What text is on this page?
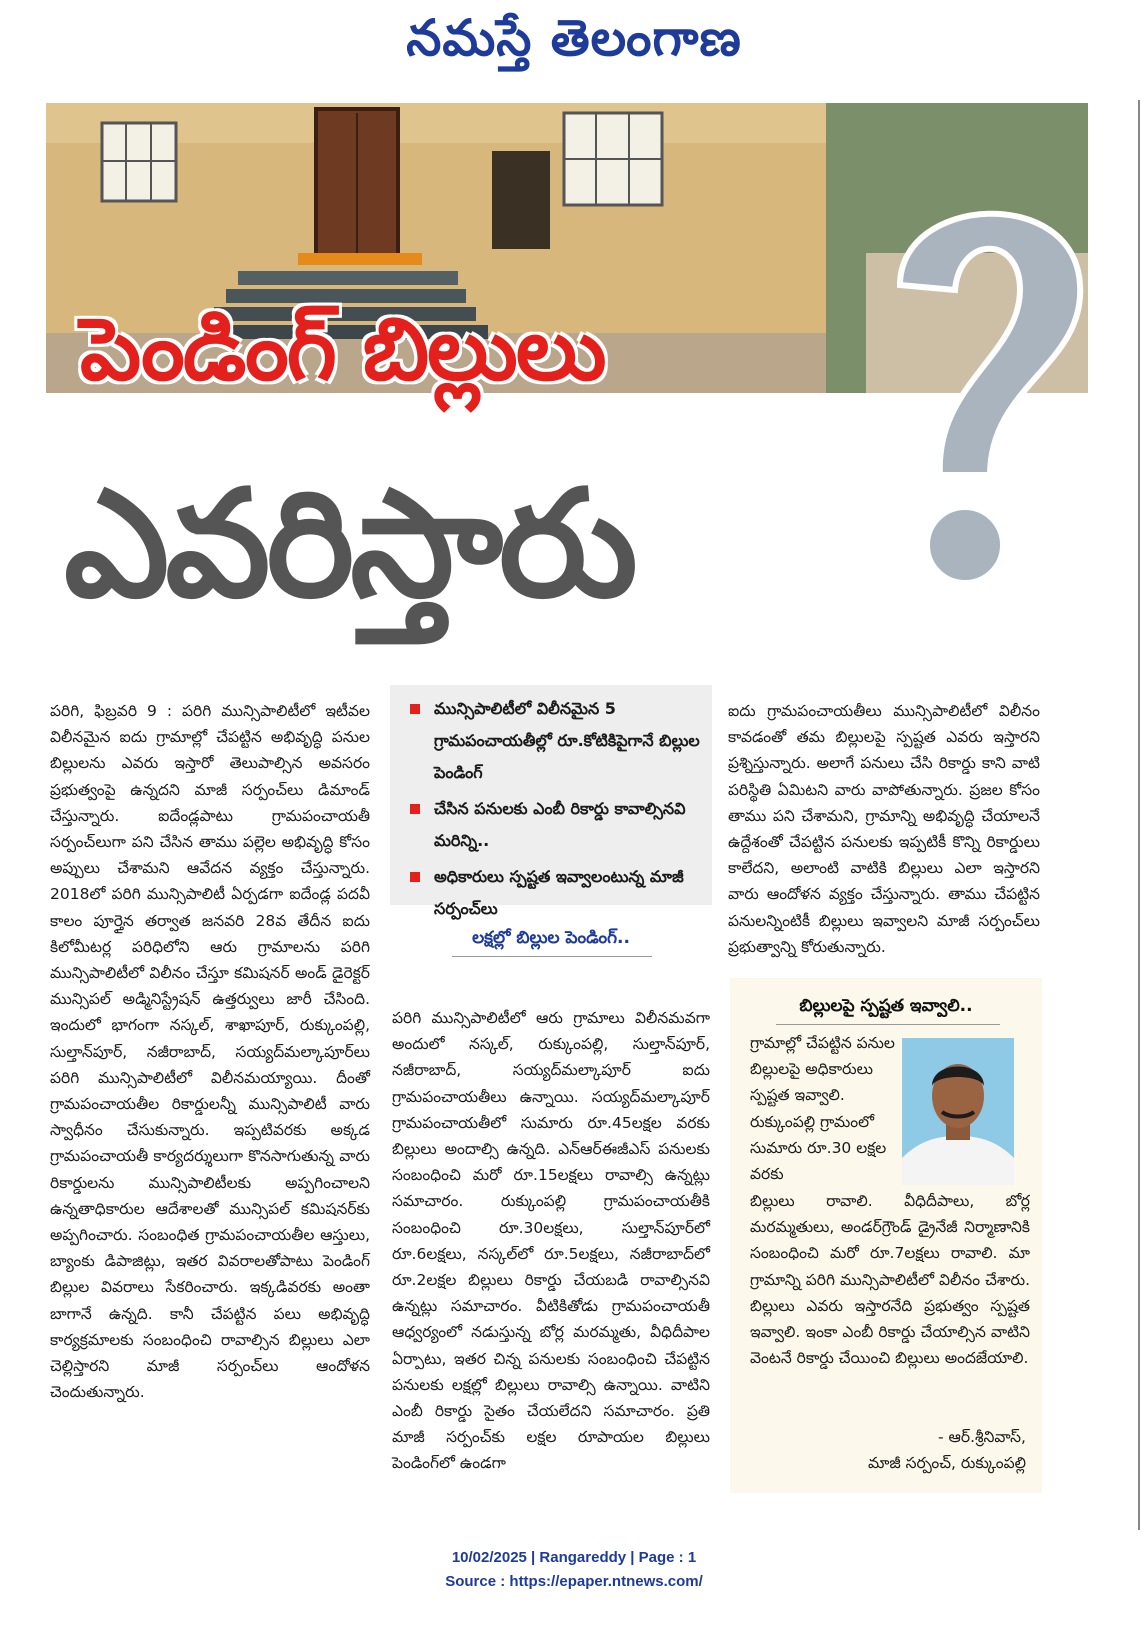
నమస్తే తెలంగాణ
పెండింగ్ బిల్లులు
ఎవరిస్తారు
పరిగి, ఫిబ్రవరి 9 : పరిగి మున్సిపాలిటీలో ఇటీవల విలీనమైన ఐదు గ్రామాల్లో చేపట్టిన అభివృద్ధి పనుల బిల్లులను ఎవరు ఇస్తారో తెలుపాల్సిన అవసరం ప్రభుత్వంపై ఉన్నదని మాజీ సర్పంచ్‌లు డిమాండ్ చేస్తున్నారు. ఐదేండ్లపాటు గ్రామపంచాయతీ సర్పంచ్‌లుగా పని చేసిన తాము పల్లెల అభివృద్ధి కోసం అప్పులు చేశామని ఆవేదన వ్యక్తం చేస్తున్నారు. 2018లో పరిగి మున్సిపాలిటీ ఏర్పడగా ఐదేండ్ల పదవీ కాలం పూర్తైన తర్వాత జనవరి 28వ తేదీన ఐదు కిలోమీటర్ల పరిధిలోని ఆరు గ్రామాలను పరిగి మున్సిపాలిటీలో విలీనం చేస్తూ కమిషనర్ అండ్ డైరెక్టర్ మున్సిపల్ అడ్మినిస్ట్రేషన్ ఉత్తర్వులు జారీ చేసింది. ఇందులో భాగంగా నస్కల్, శాఖాపూర్, రుక్కుంపల్లి, సుల్తాన్‌పూర్, నజీరాబాద్, సయ్యద్‌మల్కాపూర్‌లు పరిగి మున్సిపాలిటీలో విలీనమయ్యాయి. దీంతో గ్రామపంచాయతీల రికార్డులన్నీ మున్సిపాలిటీ వారు స్వాధీనం చేసుకున్నారు. ఇప్పటివరకు అక్కడ గ్రామపంచాయతీ కార్యదర్శులుగా కొనసాగుతున్న వారు రికార్డులను మున్సిపాలిటీలకు అప్పగించాలని ఉన్నతాధికారుల ఆదేశాలతో మున్సిపల్ కమిషనర్‌కు అప్పగించారు. సంబంధిత గ్రామపంచాయతీల ఆస్తులు, బ్యాంకు డిపాజిట్లు, ఇతర వివరాలతోపాటు పెండింగ్ బిల్లుల వివరాలు సేకరించారు. ఇక్కడివరకు అంతా బాగానే ఉన్నది. కానీ చేపట్టిన పలు అభివృద్ధి కార్యక్రమాలకు సంబంధించి రావాల్సిన బిల్లులు ఎలా చెల్లిస్తారని మాజీ సర్పంచ్‌లు ఆందోళన చెందుతున్నారు.
మున్సిపాలిటీలో విలీనమైన 5 గ్రామపంచాయతీల్లో రూ.కోటికిపైగానే బిల్లుల పెండింగ్
చేసిన పనులకు ఎంబీ రికార్డు కావాల్సినవి మరిన్ని..
అధికారులు స్పష్టత ఇవ్వాలంటున్న మాజీ సర్పంచ్‌లు
లక్షల్లో బిల్లుల పెండింగ్..
పరిగి మున్సిపాలిటీలో ఆరు గ్రామాలు విలీనమవగా అందులో నస్కల్, రుక్కుంపల్లి, సుల్తాన్‌పూర్, నజీరాబాద్, సయ్యద్‌మల్కాపూర్ ఐదు గ్రామపంచాయతీలు ఉన్నాయి. సయ్యద్‌మల్కాపూర్ గ్రామపంచాయతీలో సుమారు రూ.45లక్షల వరకు బిల్లులు అందాల్సి ఉన్నది. ఎన్ఆర్ఈజీఎస్ పనులకు సంబంధించి మరో రూ.15లక్షలు రావాల్సి ఉన్నట్లు సమాచారం. రుక్కుంపల్లి గ్రామపంచాయతీకి సంబంధించి రూ.30లక్షలు, సుల్తాన్‌పూర్‌లో రూ.6లక్షలు, నస్కల్‌లో రూ.5లక్షలు, నజీరాబాద్‌లో రూ.2లక్షల బిల్లులు రికార్డు చేయబడి రావాల్సినవి ఉన్నట్లు సమాచారం. వీటికితోడు గ్రామపంచాయతీ ఆధ్వర్యంలో నడుస్తున్న బోర్ల మరమ్మతు, వీధిదీపాల ఏర్పాటు, ఇతర చిన్న పనులకు సంబంధించి చేపట్టిన పనులకు లక్షల్లో బిల్లులు రావాల్సి ఉన్నాయి. వాటిని ఎంబీ రికార్డు సైతం చేయలేదని సమాచారం. ప్రతి మాజీ సర్పంచ్‌కు లక్షల రూపాయల బిల్లులు పెండింగ్‌లో ఉండగా
ఐదు గ్రామపంచాయతీలు మున్సిపాలిటీలో విలీనం కావడంతో తమ బిల్లులపై స్పష్టత ఎవరు ఇస్తారని ప్రశ్నిస్తున్నారు. అలాగే పనులు చేసి రికార్డు కాని వాటి పరిస్థితి ఏమిటని వారు వాపోతున్నారు. ప్రజల కోసం తాము పని చేశామని, గ్రామాన్ని అభివృద్ధి చేయాలనే ఉద్దేశంతో చేపట్టిన పనులకు ఇప్పటికీ కొన్ని రికార్డులు కాలేదని, అలాంటి వాటికి బిల్లులు ఎలా ఇస్తారని వారు ఆందోళన వ్యక్తం చేస్తున్నారు. తాము చేపట్టిన పనులన్నింటికీ బిల్లులు ఇవ్వాలని మాజీ సర్పంచ్‌లు ప్రభుత్వాన్ని కోరుతున్నారు.
బిల్లులపై స్పష్టత ఇవ్వాలి..
గ్రామాల్లో చేపట్టిన పనుల బిల్లులపై అధికారులు స్పష్టత ఇవ్వాలి. రుక్కుంపల్లి గ్రామంలో సుమారు రూ.30 లక్షల వరకు
బిల్లులు రావాలి. వీధిదీపాలు, బోర్ల మరమ్మతులు, అండర్‌గ్రౌండ్ డ్రైనేజీ నిర్మాణానికి సంబంధించి మరో రూ.7లక్షలు రావాలి. మా గ్రామాన్ని పరిగి మున్సిపాలిటీలో విలీనం చేశారు. బిల్లులు ఎవరు ఇస్తారనేది ప్రభుత్వం స్పష్టత ఇవ్వాలి. ఇంకా ఎంబీ రికార్డు చేయాల్సిన వాటిని వెంటనే రికార్డు చేయించి బిల్లులు అందజేయాలి.
- ఆర్.శ్రీనివాస్,
మాజీ సర్పంచ్, రుక్కుంపల్లి
10/02/2025 | Rangareddy | Page : 1
Source : https://epaper.ntnews.com/
